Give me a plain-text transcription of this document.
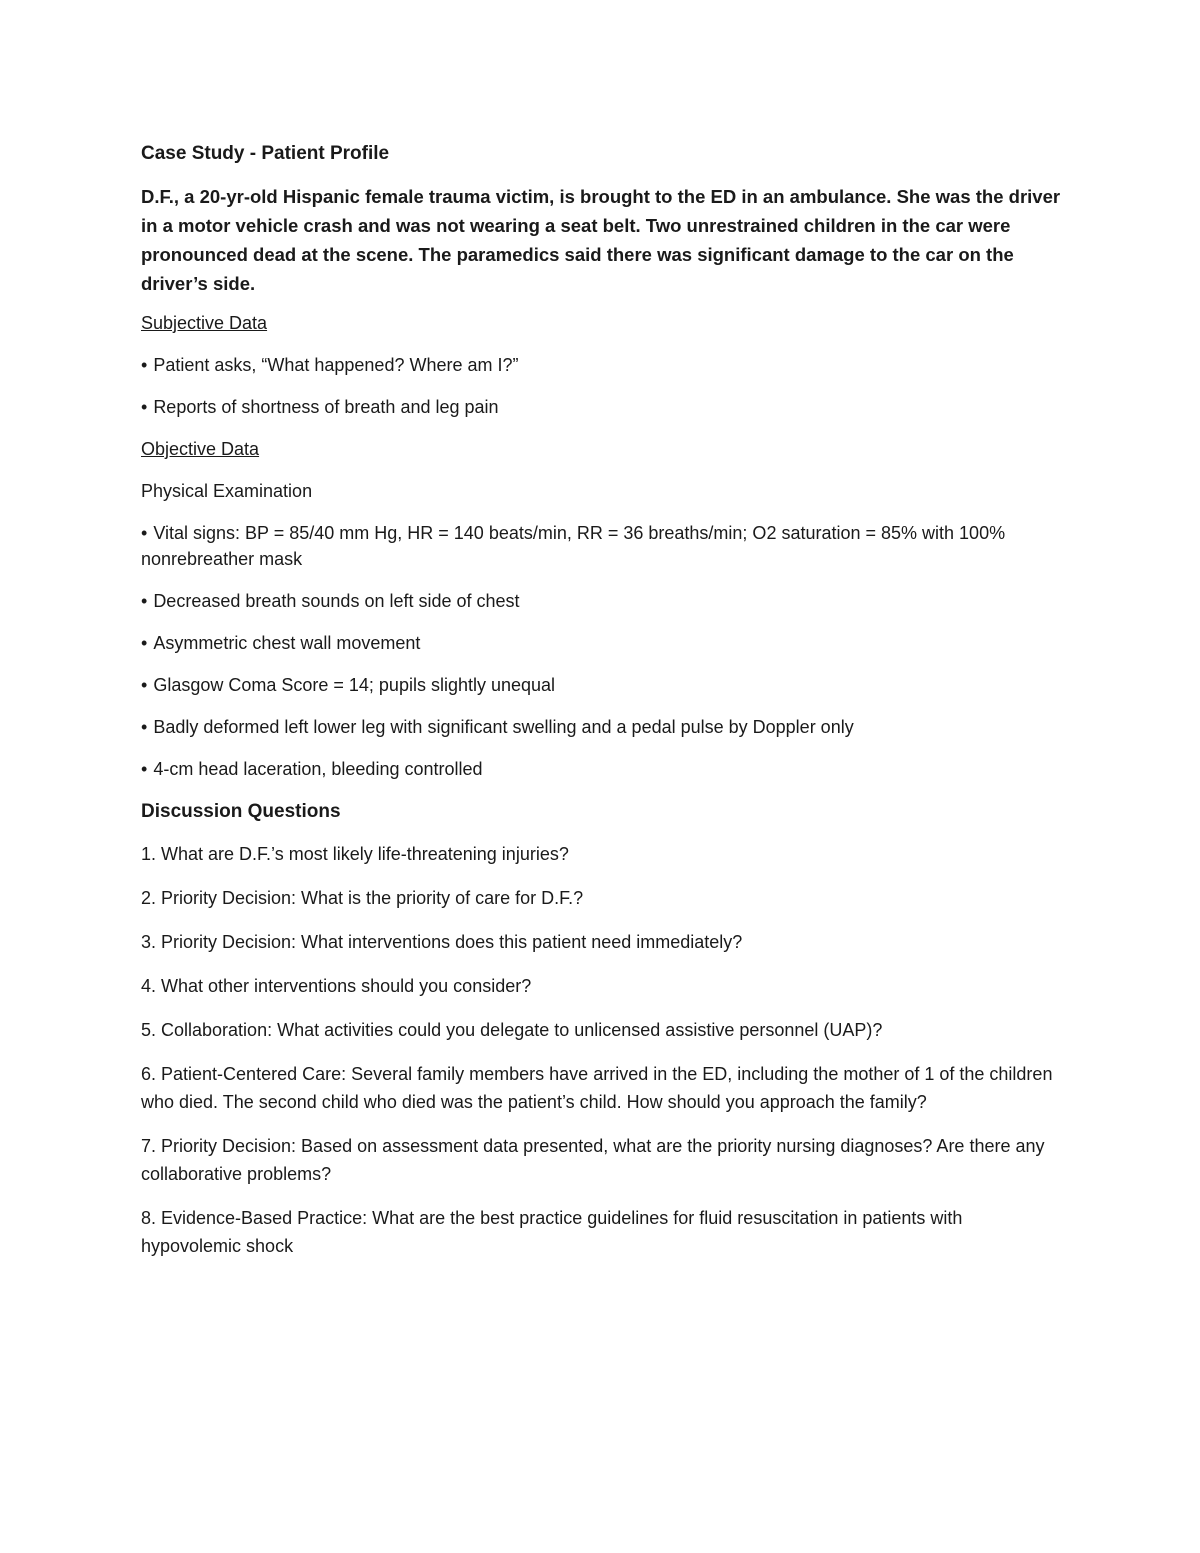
Case Study - Patient Profile
D.F., a 20-yr-old Hispanic female trauma victim, is brought to the ED in an ambulance. She was the driver in a motor vehicle crash and was not wearing a seat belt. Two unrestrained children in the car were pronounced dead at the scene. The paramedics said there was significant damage to the car on the driver’s side.
Subjective Data
• Patient asks, “What happened? Where am I?”
• Reports of shortness of breath and leg pain
Objective Data
Physical Examination
• Vital signs: BP = 85/40 mm Hg, HR = 140 beats/min, RR = 36 breaths/min; O2 saturation = 85% with 100% nonrebreather mask
• Decreased breath sounds on left side of chest
• Asymmetric chest wall movement
• Glasgow Coma Score = 14; pupils slightly unequal
• Badly deformed left lower leg with significant swelling and a pedal pulse by Doppler only
• 4-cm head laceration, bleeding controlled
Discussion Questions
1. What are D.F.’s most likely life-threatening injuries?
2. Priority Decision: What is the priority of care for D.F.?
3. Priority Decision: What interventions does this patient need immediately?
4. What other interventions should you consider?
5. Collaboration: What activities could you delegate to unlicensed assistive personnel (UAP)?
6. Patient-Centered Care: Several family members have arrived in the ED, including the mother of 1 of the children who died. The second child who died was the patient’s child. How should you approach the family?
7. Priority Decision: Based on assessment data presented, what are the priority nursing diagnoses? Are there any collaborative problems?
8. Evidence-Based Practice: What are the best practice guidelines for fluid resuscitation in patients with hypovolemic shock
